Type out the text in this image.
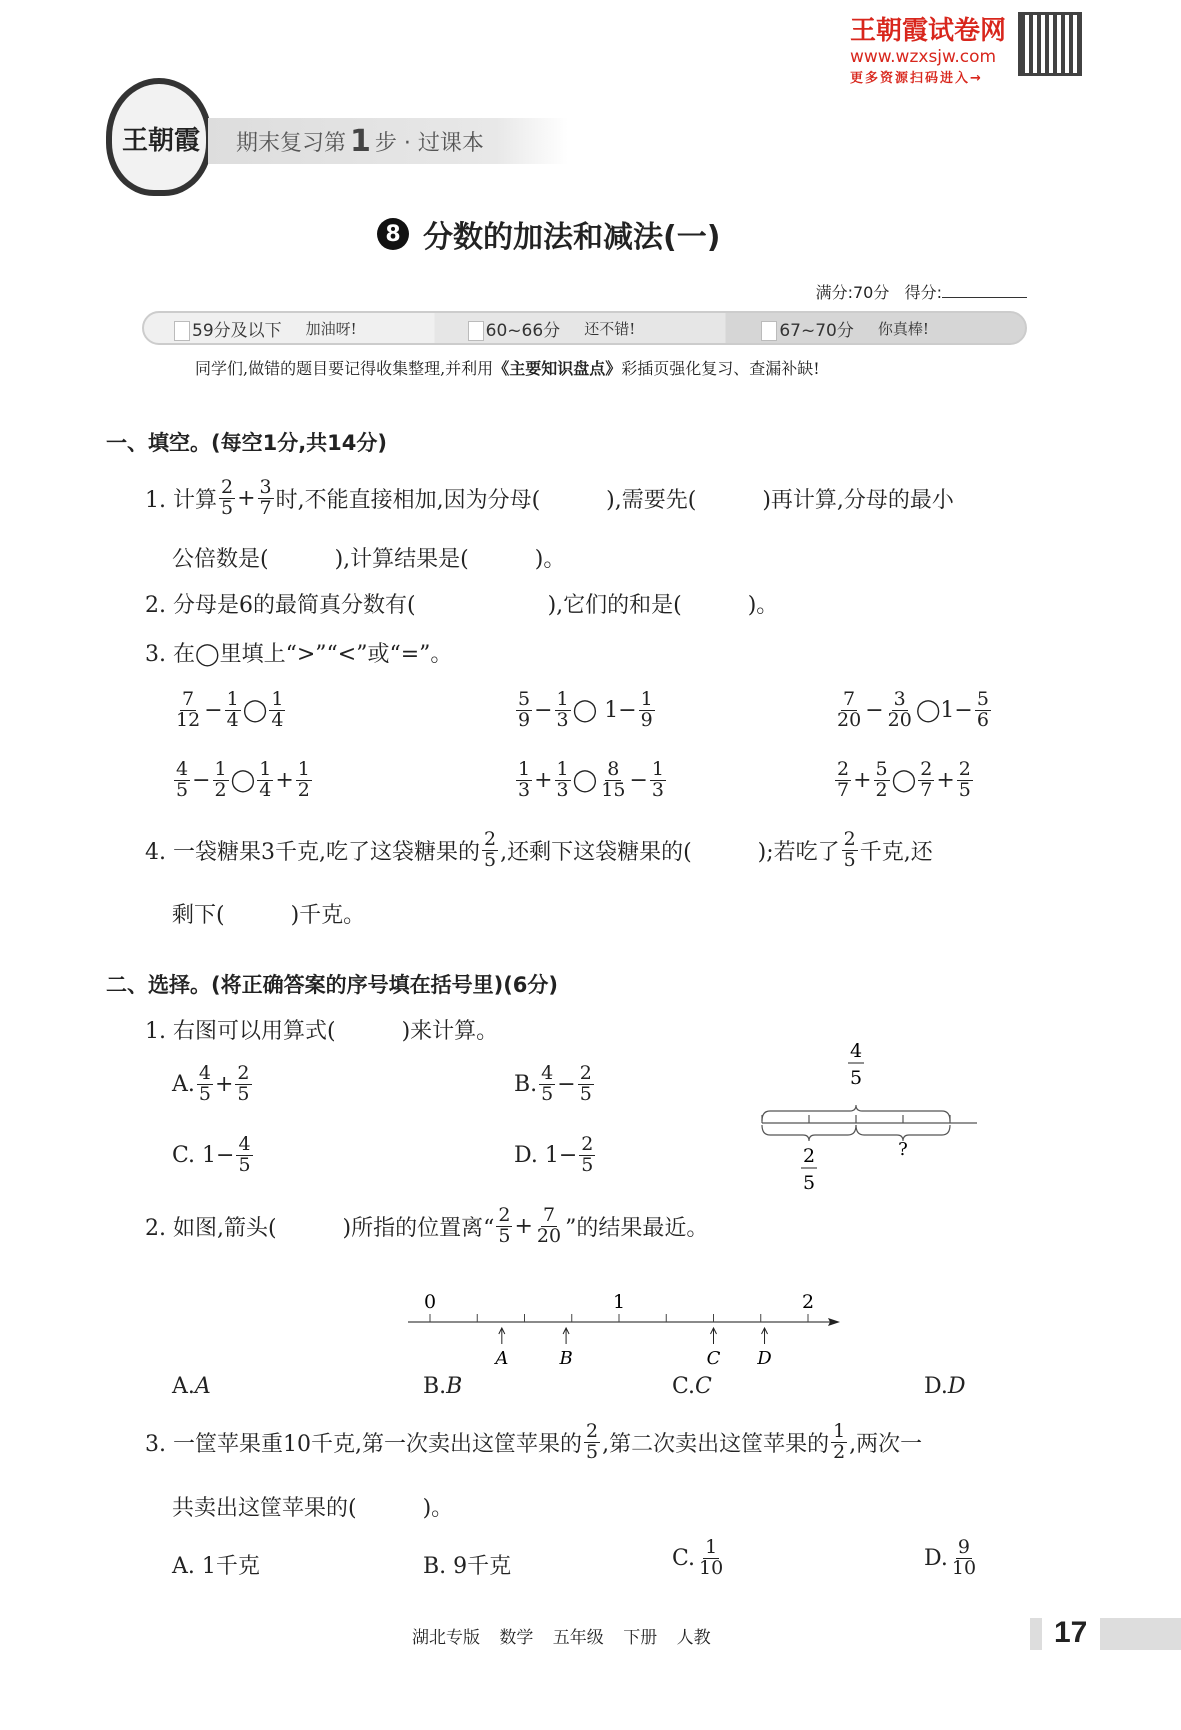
王朝霞试卷网
www.wzxsjw.com
更多资源扫码进入→
王朝霞 期末复习第 1 步 · 过课本
8 分数的加法和减法(一)
满分:70分 得分:
59分及以下 加油呀!	60~66分 还不错!	67~70分 你真棒!
同学们,做错的题目要记得收集整理,并利用《主要知识盘点》彩插页强化复习、查漏补缺!
一、填空。(每空1分,共14分)
1. 计算 $\frac{2}{5} + \frac{3}{7}$ 时,不能直接相加,因为分母(　　　),需要先(　　　)再计算,分母的最小
公倍数是(　　　),计算结果是(　　　)。
2. 分母是6的最简真分数有(　　　　　　),它们的和是(　　　)。
3. 在◯里填上“>”“<”或“=”。
$\frac{7}{12} - \frac{1}{4}$ ◯ $\frac{1}{4}$	$\frac{5}{9} - \frac{1}{3}$ ◯ $1- \frac{1}{9}$	$\frac{7}{20} - \frac{3}{20}$ ◯1− $\frac{5}{6}$
$\frac{4}{5} - \frac{1}{2}$ ◯ $\frac{1}{4} + \frac{1}{2}$	$\frac{1}{3} + \frac{1}{3}$ ◯ $\frac{8}{15} - \frac{1}{3}$	$\frac{2}{7} + \frac{5}{2}$ ◯ $\frac{2}{7} + \frac{2}{5}$
4. 一袋糖果3千克,吃了这袋糖果的 $\frac{2}{5}$ ,还剩下这袋糖果的(　　　);若吃了 $\frac{2}{5}$ 千克,还
剩下(　　　)千克。
二、选择。(将正确答案的序号填在括号里)(6分)
1. 右图可以用算式(　　　)来计算。
A. $\frac{4}{5} + \frac{2}{5}$	B. $\frac{4}{5} - \frac{2}{5}$
C. $1- \frac{4}{5}$	D. $1- \frac{2}{5}$
4
5
2
5
?
2. 如图,箭头(　　　)所指的位置离“ $\frac{2}{5} + \frac{7}{20}$ ”的结果最近。
0	1	2
A	B	C D
A. A	B. B	C. C	D. D
3. 一筐苹果重10千克,第一次卖出这筐苹果的 $\frac{2}{5}$ ,第二次卖出这筐苹果的 $\frac{1}{2}$ ,两次一
共卖出这筐苹果的(　　　)。
A. 1千克	B. 9千克	C. $\frac{1}{10}$	D. $\frac{9}{10}$
湖北专版 数学 五年级 下册 人教	17
